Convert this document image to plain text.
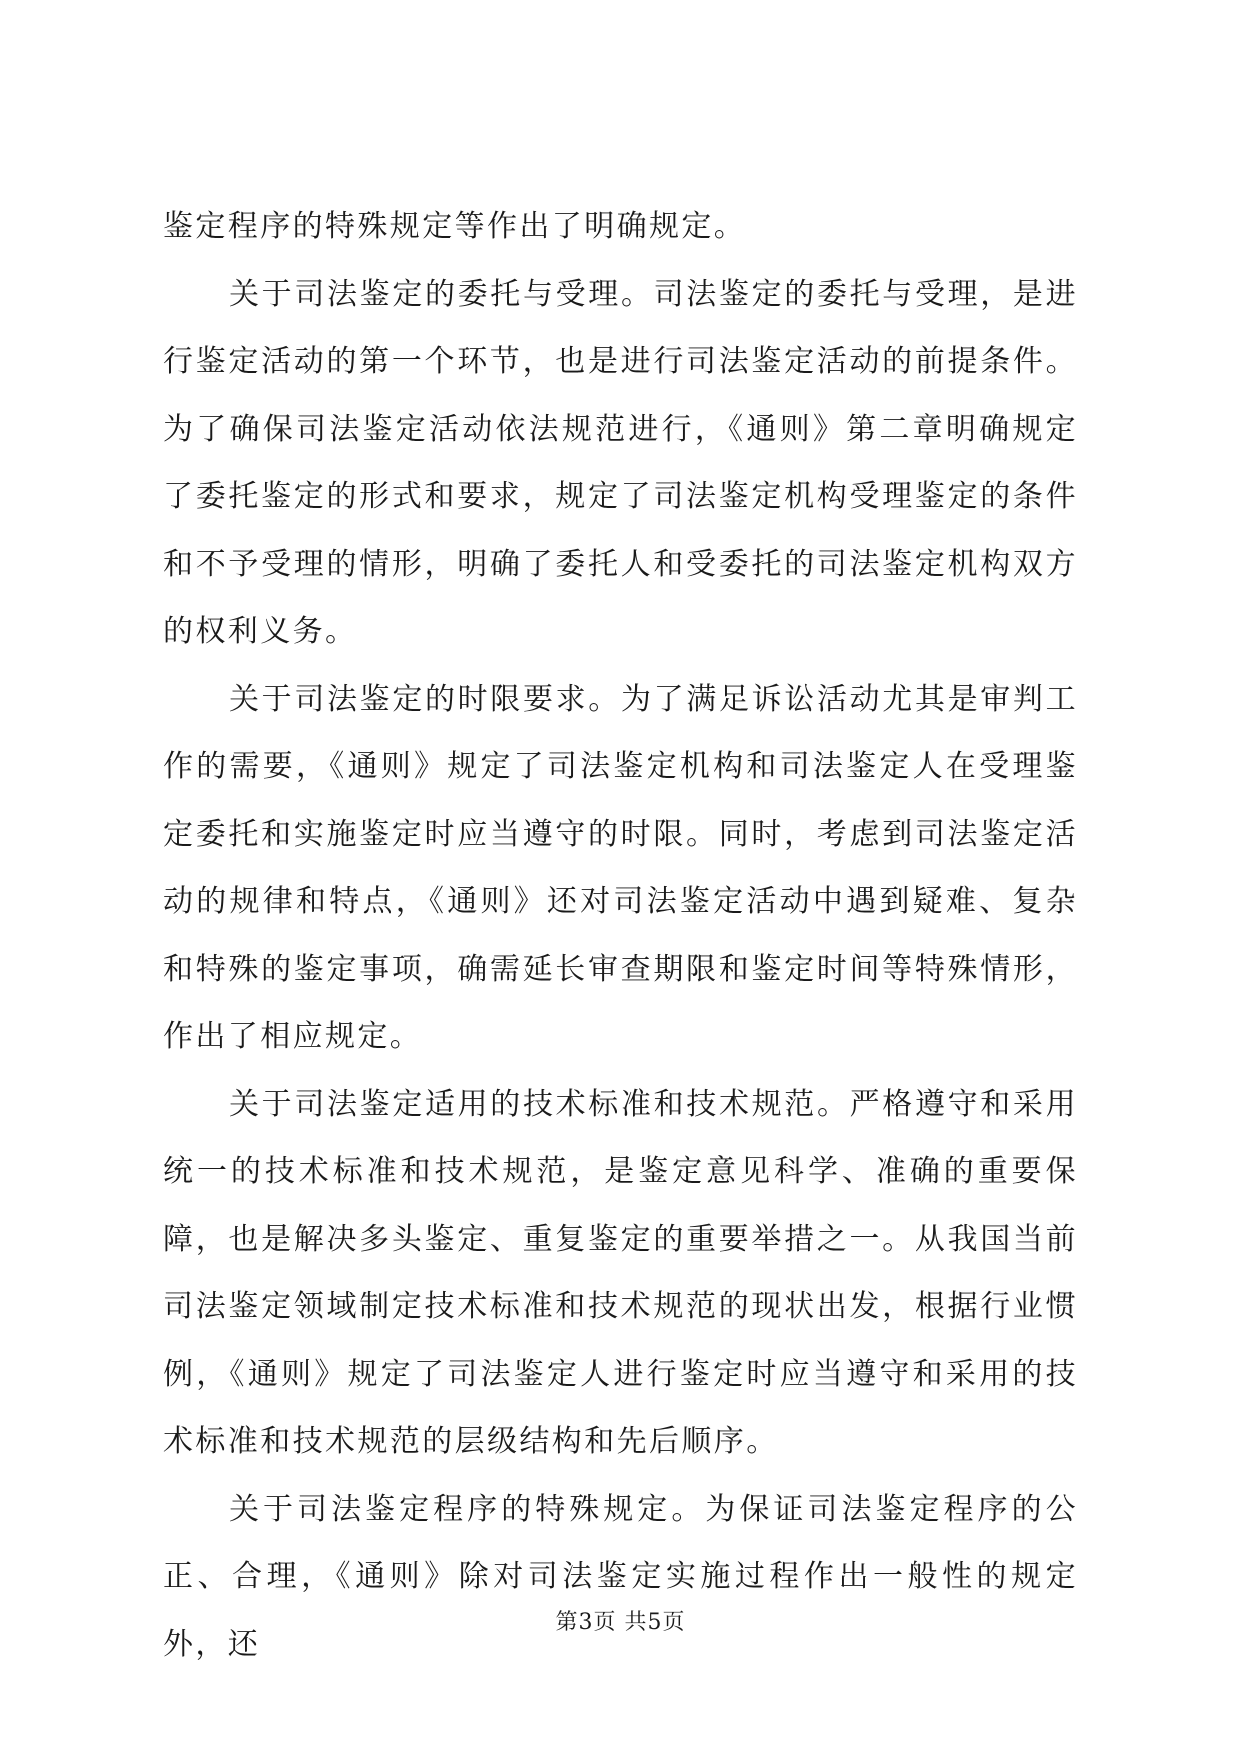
鉴定程序的特殊规定等作出了明确规定。

关于司法鉴定的委托与受理。司法鉴定的委托与受理，是进行鉴定活动的第一个环节，也是进行司法鉴定活动的前提条件。为了确保司法鉴定活动依法规范进行，《通则》第二章明确规定了委托鉴定的形式和要求，规定了司法鉴定机构受理鉴定的条件和不予受理的情形，明确了委托人和受委托的司法鉴定机构双方的权利义务。

关于司法鉴定的时限要求。为了满足诉讼活动尤其是审判工作的需要，《通则》规定了司法鉴定机构和司法鉴定人在受理鉴定委托和实施鉴定时应当遵守的时限。同时，考虑到司法鉴定活动的规律和特点，《通则》还对司法鉴定活动中遇到疑难、复杂和特殊的鉴定事项，确需延长审查期限和鉴定时间等特殊情形，作出了相应规定。

关于司法鉴定适用的技术标准和技术规范。严格遵守和采用统一的技术标准和技术规范，是鉴定意见科学、准确的重要保障，也是解决多头鉴定、重复鉴定的重要举措之一。从我国当前司法鉴定领域制定技术标准和技术规范的现状出发，根据行业惯例，《通则》规定了司法鉴定人进行鉴定时应当遵守和采用的技术标准和技术规范的层级结构和先后顺序。

关于司法鉴定程序的特殊规定。为保证司法鉴定程序的公正、合理，《通则》除对司法鉴定实施过程作出一般性的规定外，还

第3页 共5页
